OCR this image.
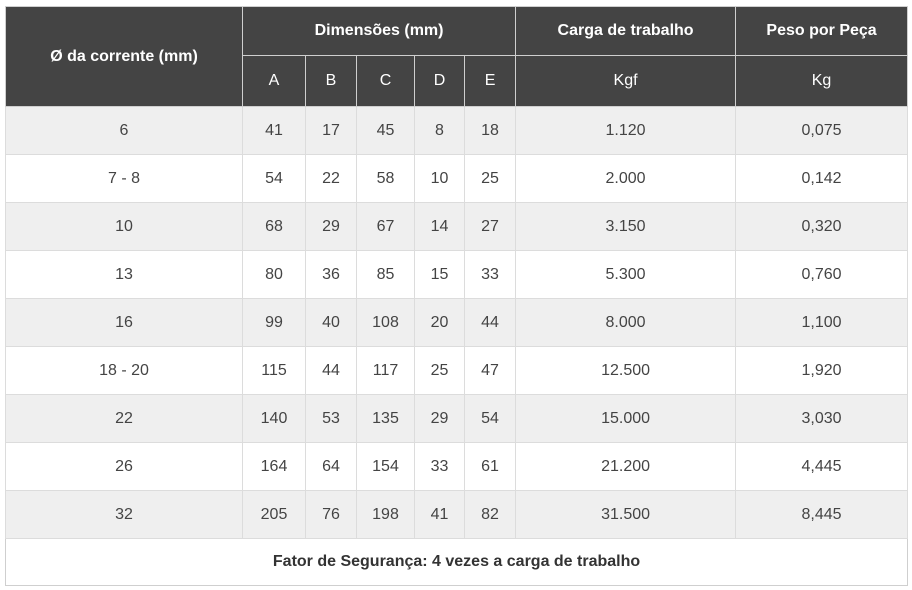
Ø da corrente (mm)	Dimensões (mm)					Carga de trabalho	Peso por Peça
	A	B	C	D	E	Kgf	Kg
6	41	17	45	8	18	1.120	0,075
7 - 8	54	22	58	10	25	2.000	0,142
10	68	29	67	14	27	3.150	0,320
13	80	36	85	15	33	5.300	0,760
16	99	40	108	20	44	8.000	1,100
18 - 20	115	44	117	25	47	12.500	1,920
22	140	53	135	29	54	15.000	3,030
26	164	64	154	33	61	21.200	4,445
32	205	76	198	41	82	31.500	8,445
Fator de Segurança: 4 vezes a carga de trabalho							
